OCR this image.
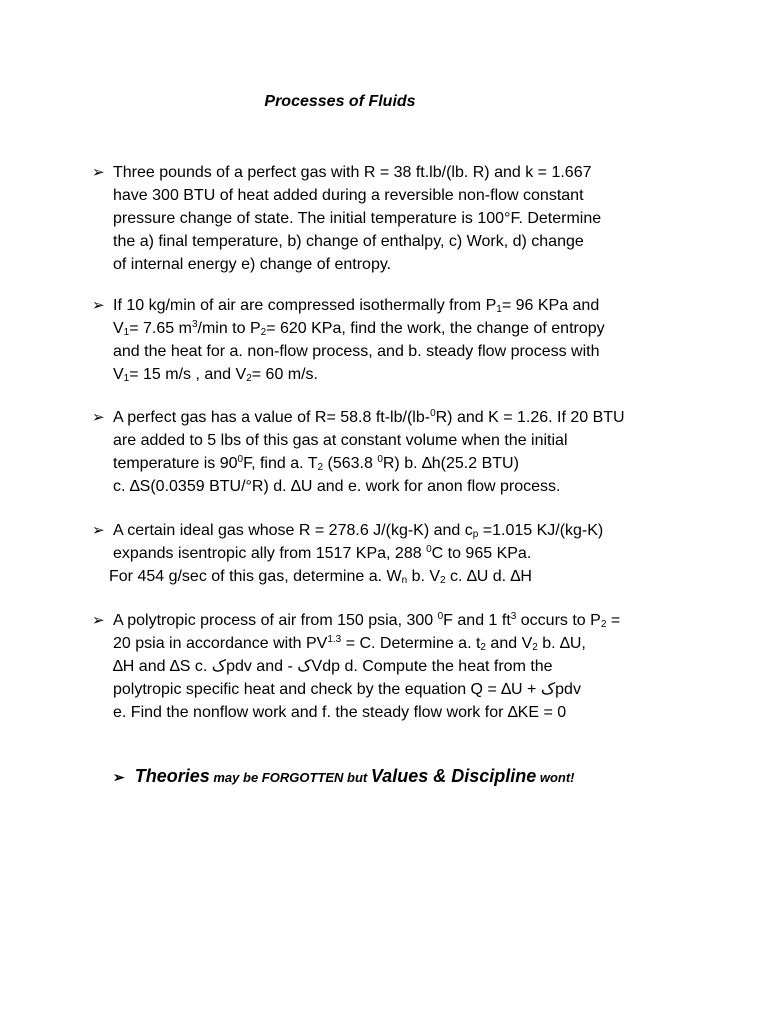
Processes of Fluids
➢ Three pounds of a perfect gas with R = 38 ft.lb/(lb. R) and k = 1.667
have 300 BTU of heat added during a reversible non-flow constant
pressure change of state. The initial temperature is 100°F. Determine
the a) final temperature, b) change of enthalpy, c) Work, d) change
of internal energy e) change of entropy.
➢ If 10 kg/min of air are compressed isothermally from $P_1= 96$ KPa and
$V_1= 7.65$ $m^3/\min$ to $P_2= 620$ KPa, find the work, the change of entropy
and the heat for a. non-flow process, and b. steady flow process with
$V_1= 15$ m/s , and $V_2= 60$ m/s.
➢ A perfect gas has a value of R= 58.8 ft-lb/(lb-$^0$R) and K = 1.26. If 20 BTU
are added to 5 lbs of this gas at constant volume when the initial
temperature is $90^0F$, find a. $T_2$ (563.8 $^0$R) b. ∆h(25.2 BTU)
c. ∆S(0.0359 BTU/°R) d. ∆U and e. work for anon flow process.
➢ A certain ideal gas whose R = 278.6 J/(kg-K) and $c_p =1.015$ KJ/(kg-K)
expands isentropic ally from 1517 KPa, 288 $^0$C to 965 KPa.
For 454 g/sec of this gas, determine a. $W_n$ b. $V_2$ c. ∆U d. ∆H
➢ A polytropic process of air from 150 psia, 300 $^0$F and 1 $ft^3$ occurs to $P_2$ =
20 psia in accordance with $PV^{1.3} = C$. Determine a. $t_2$ and $V_2$ b. ∆U,
∆H and ∆S c. کpdv and - کVdp d. Compute the heat from the
polytropic specific heat and check by the equation Q = ∆U + کpdv
e. Find the nonflow work and f. the steady flow work for ∆KE = 0
➢ Theories may be FORGOTTEN but Values & Discipline wont!
